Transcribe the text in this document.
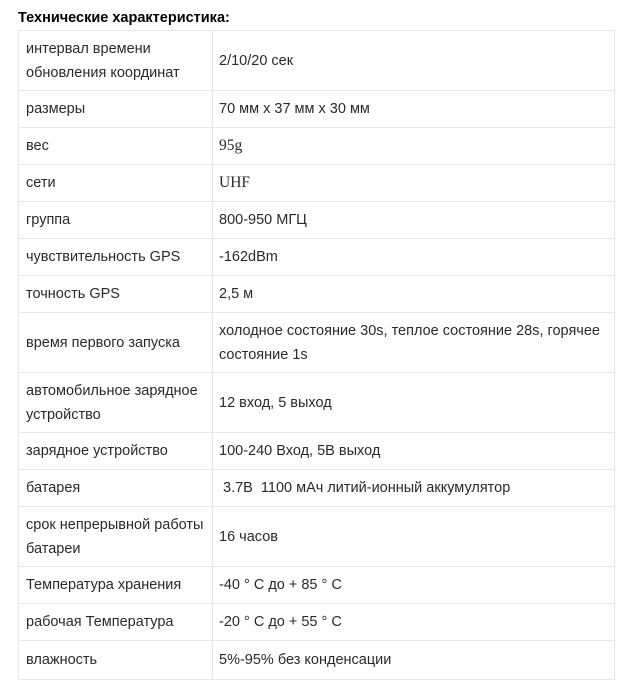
Технические характеристика:
интервал времени обновления координат	2/10/20 сек
размеры	70 мм х 37 мм х 30 мм
вес	95g
сети	UHF
группа	800-950 МГЦ
чувствительность GPS	-162dBm
точность GPS	2,5 м
время первого запуска	холодное состояние 30s, теплое состояние 28s, горячее состояние 1s
автомобильное зарядное устройство	12 вход, 5 выход
зарядное устройство	100-240 Вход, 5В выход
батарея	3.7В  1100 мАч литий-ионный аккумулятор
срок непрерывной работы батареи	16 часов
Температура хранения	-40 ° С до + 85 ° С
рабочая Температура	-20 ° С до + 55 ° С
влажность	5%-95% без конденсации
